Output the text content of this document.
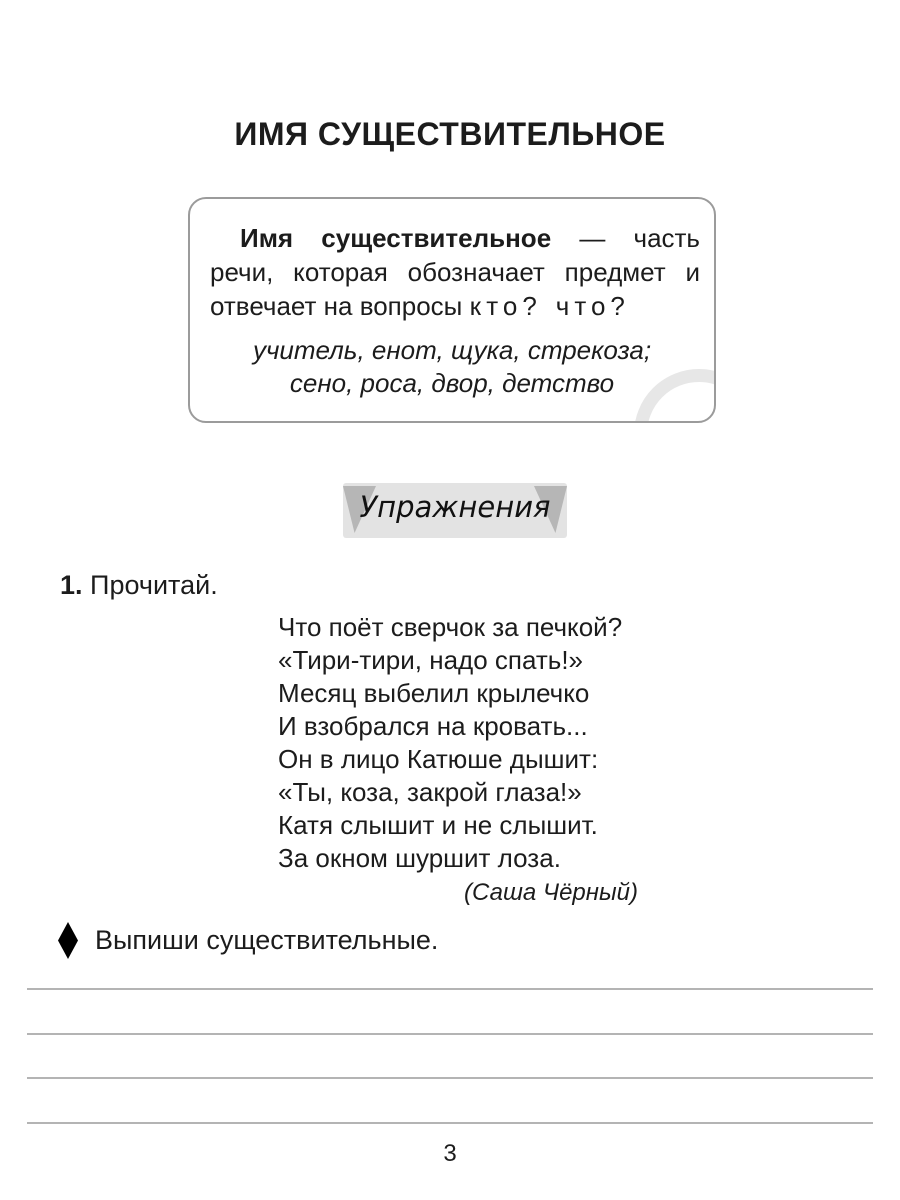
ИМЯ СУЩЕСТВИТЕЛЬНОЕ
Имя существительное — часть речи, которая обозначает предмет и отвечает на вопросы кто? что?
учитель, енот, щука, стрекоза;
сено, роса, двор, детство
Упражнения
1. Прочитай.
Что поёт сверчок за печкой?
«Тири-тири, надо спать!»
Месяц выбелил крылечко
И взобрался на кровать...
Он в лицо Катюше дышит:
«Ты, коза, закрой глаза!»
Катя слышит и не слышит.
За окном шуршит лоза.
(Саша Чёрный)
Выпиши существительные.
3
